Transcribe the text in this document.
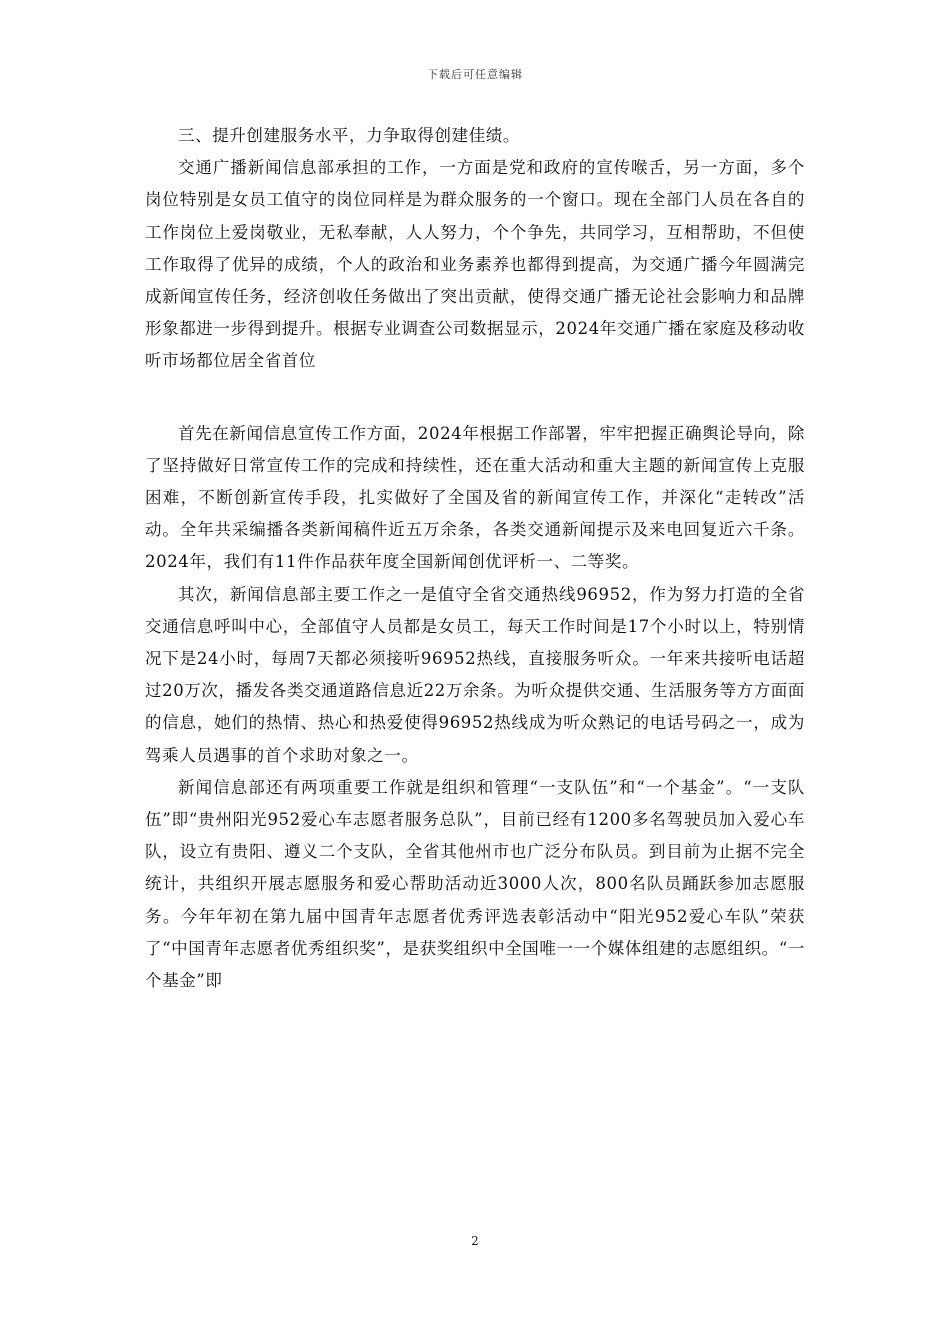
下载后可任意编辑

三、提升创建服务水平，力争取得创建佳绩。

交通广播新闻信息部承担的工作，一方面是党和政府的宣传喉舌，另一方面，多个岗位特别是女员工值守的岗位同样是为群众服务的一个窗口。现在全部门人员在各自的工作岗位上爱岗敬业，无私奉献，人人努力，个个争先，共同学习，互相帮助，不但使工作取得了优异的成绩，个人的政治和业务素养也都得到提高，为交通广播今年圆满完成新闻宣传任务，经济创收任务做出了突出贡献，使得交通广播无论社会影响力和品牌形象都进一步得到提升。根据专业调查公司数据显示，2024年交通广播在家庭及移动收听市场都位居全省首位

首先在新闻信息宣传工作方面，2024年根据工作部署，牢牢把握正确舆论导向，除了坚持做好日常宣传工作的完成和持续性，还在重大活动和重大主题的新闻宣传上克服困难，不断创新宣传手段，扎实做好了全国及省的新闻宣传工作，并深化“走转改”活动。全年共采编播各类新闻稿件近五万余条，各类交通新闻提示及来电回复近六千条。2024年，我们有11件作品获年度全国新闻创优评析一、二等奖。

其次，新闻信息部主要工作之一是值守全省交通热线96952，作为努力打造的全省交通信息呼叫中心，全部值守人员都是女员工，每天工作时间是17个小时以上，特别情况下是24小时，每周7天都必须接听96952热线，直接服务听众。一年来共接听电话超过20万次，播发各类交通道路信息近22万余条。为听众提供交通、生活服务等方方面面的信息，她们的热情、热心和热爱使得96952热线成为听众熟记的电话号码之一，成为驾乘人员遇事的首个求助对象之一。

新闻信息部还有两项重要工作就是组织和管理“一支队伍”和“一个基金”。“一支队伍”即“贵州阳光952爱心车志愿者服务总队”，目前已经有1200多名驾驶员加入爱心车队，设立有贵阳、遵义二个支队，全省其他州市也广泛分布队员。到目前为止据不完全统计，共组织开展志愿服务和爱心帮助活动近3000人次，800名队员踊跃参加志愿服务。今年年初在第九届中国青年志愿者优秀评选表彰活动中“阳光952爱心车队”荣获了“中国青年志愿者优秀组织奖”，是获奖组织中全国唯一一个媒体组建的志愿组织。“一个基金”即

2
